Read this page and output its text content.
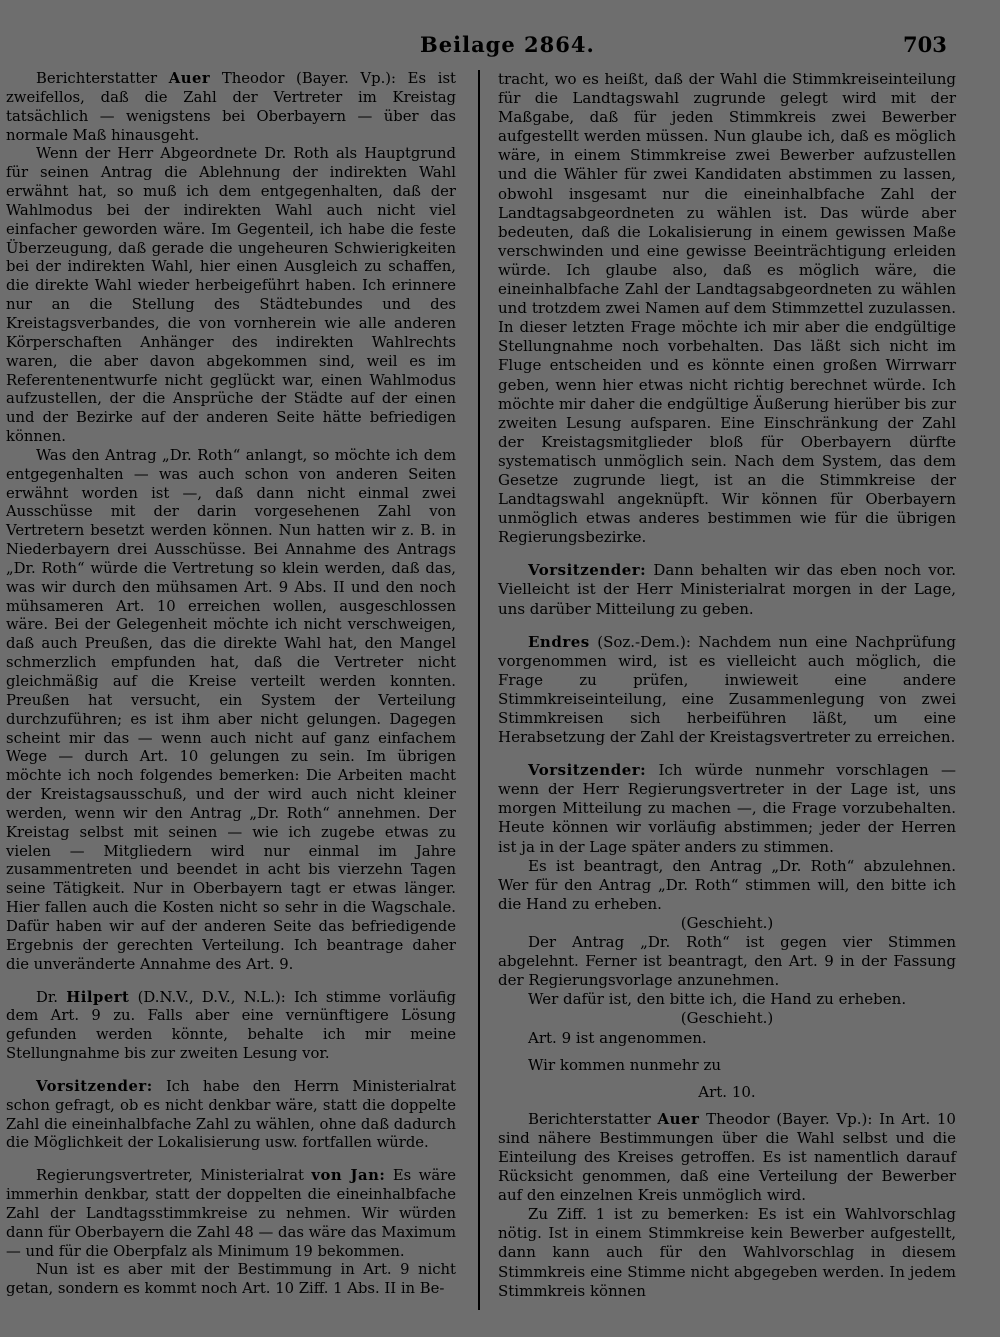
Beilage 2864.	703

Berichterstatter Auer Theodor (Bayer. Vp.): Es ist zweifellos, daß die Zahl der Vertreter im Kreistag tatsächlich — wenigstens bei Oberbayern — über das normale Maß hinausgeht.

Wenn der Herr Abgeordnete Dr. Roth als Hauptgrund für seinen Antrag die Ablehnung der indirekten Wahl erwähnt hat, so muß ich dem entgegenhalten, daß der Wahlmodus bei der indirekten Wahl auch nicht viel einfacher geworden wäre. Im Gegenteil, ich habe die feste Überzeugung, daß gerade die ungeheuren Schwierigkeiten bei der indirekten Wahl, hier einen Ausgleich zu schaffen, die direkte Wahl wieder herbeigeführt haben. Ich erinnere nur an die Stellung des Städtebundes und des Kreistagsverbandes, die von vornherein wie alle anderen Körperschaften Anhänger des indirekten Wahlrechts waren, die aber davon abgekommen sind, weil es im Referentenentwurfe nicht geglückt war, einen Wahlmodus aufzustellen, der die Ansprüche der Städte auf der einen und der Bezirke auf der anderen Seite hätte befriedigen können.

Was den Antrag „Dr. Roth“ anlangt, so möchte ich dem entgegenhalten — was auch schon von anderen Seiten erwähnt worden ist —, daß dann nicht einmal zwei Ausschüsse mit der darin vorgesehenen Zahl von Vertretern besetzt werden können. Nun hatten wir z. B. in Niederbayern drei Ausschüsse. Bei Annahme des Antrags „Dr. Roth“ würde die Vertretung so klein werden, daß das, was wir durch den mühsamen Art. 9 Abs. II und den noch mühsameren Art. 10 erreichen wollen, ausgeschlossen wäre. Bei der Gelegenheit möchte ich nicht verschweigen, daß auch Preußen, das die direkte Wahl hat, den Mangel schmerzlich empfunden hat, daß die Vertreter nicht gleichmäßig auf die Kreise verteilt werden konnten. Preußen hat versucht, ein System der Verteilung durchzuführen; es ist ihm aber nicht gelungen. Dagegen scheint mir das — wenn auch nicht auf ganz einfachem Wege — durch Art. 10 gelungen zu sein. Im übrigen möchte ich noch folgendes bemerken: Die Arbeiten macht der Kreistagsausschuß, und der wird auch nicht kleiner werden, wenn wir den Antrag „Dr. Roth“ annehmen. Der Kreistag selbst mit seinen — wie ich zugebe etwas zu vielen — Mitgliedern wird nur einmal im Jahre zusammentreten und beendet in acht bis vierzehn Tagen seine Tätigkeit. Nur in Oberbayern tagt er etwas länger. Hier fallen auch die Kosten nicht so sehr in die Wagschale. Dafür haben wir auf der anderen Seite das befriedigende Ergebnis der gerechten Verteilung. Ich beantrage daher die unveränderte Annahme des Art. 9.

Dr. Hilpert (D.N.V., D.V., N.L.): Ich stimme vorläufig dem Art. 9 zu. Falls aber eine vernünftigere Lösung gefunden werden könnte, behalte ich mir meine Stellungnahme bis zur zweiten Lesung vor.

Vorsitzender: Ich habe den Herrn Ministerialrat schon gefragt, ob es nicht denkbar wäre, statt die doppelte Zahl die eineinhalbfache Zahl zu wählen, ohne daß dadurch die Möglichkeit der Lokalisierung usw. fortfallen würde.

Regierungsvertreter, Ministerialrat von Jan: Es wäre immerhin denkbar, statt der doppelten die eineinhalbfache Zahl der Landtagsstimmkreise zu nehmen. Wir würden dann für Oberbayern die Zahl 48 — das wäre das Maximum — und für die Oberpfalz als Minimum 19 bekommen.

Nun ist es aber mit der Bestimmung in Art. 9 nicht getan, sondern es kommt noch Art. 10 Ziff. 1 Abs. II in Be-

tracht, wo es heißt, daß der Wahl die Stimmkreiseinteilung für die Landtagswahl zugrunde gelegt wird mit der Maßgabe, daß für jeden Stimmkreis zwei Bewerber aufgestellt werden müssen. Nun glaube ich, daß es möglich wäre, in einem Stimmkreise zwei Bewerber aufzustellen und die Wähler für zwei Kandidaten abstimmen zu lassen, obwohl insgesamt nur die eineinhalbfache Zahl der Landtagsabgeordneten zu wählen ist. Das würde aber bedeuten, daß die Lokalisierung in einem gewissen Maße verschwinden und eine gewisse Beeinträchtigung erleiden würde. Ich glaube also, daß es möglich wäre, die eineinhalbfache Zahl der Landtagsabgeordneten zu wählen und trotzdem zwei Namen auf dem Stimmzettel zuzulassen. In dieser letzten Frage möchte ich mir aber die endgültige Stellungnahme noch vorbehalten. Das läßt sich nicht im Fluge entscheiden und es könnte einen großen Wirrwarr geben, wenn hier etwas nicht richtig berechnet würde. Ich möchte mir daher die endgültige Äußerung hierüber bis zur zweiten Lesung aufsparen. Eine Einschränkung der Zahl der Kreistagsmitglieder bloß für Oberbayern dürfte systematisch unmöglich sein. Nach dem System, das dem Gesetze zugrunde liegt, ist an die Stimmkreise der Landtagswahl angeknüpft. Wir können für Oberbayern unmöglich etwas anderes bestimmen wie für die übrigen Regierungsbezirke.

Vorsitzender: Dann behalten wir das eben noch vor. Vielleicht ist der Herr Ministerialrat morgen in der Lage, uns darüber Mitteilung zu geben.

Endres (Soz.-Dem.): Nachdem nun eine Nachprüfung vorgenommen wird, ist es vielleicht auch möglich, die Frage zu prüfen, inwieweit eine andere Stimmkreiseinteilung, eine Zusammenlegung von zwei Stimmkreisen sich herbeiführen läßt, um eine Herabsetzung der Zahl der Kreistagsvertreter zu erreichen.

Vorsitzender: Ich würde nunmehr vorschlagen — wenn der Herr Regierungsvertreter in der Lage ist, uns morgen Mitteilung zu machen —, die Frage vorzubehalten. Heute können wir vorläufig abstimmen; jeder der Herren ist ja in der Lage später anders zu stimmen.

Es ist beantragt, den Antrag „Dr. Roth“ abzulehnen. Wer für den Antrag „Dr. Roth“ stimmen will, den bitte ich die Hand zu erheben.

(Geschieht.)

Der Antrag „Dr. Roth“ ist gegen vier Stimmen abgelehnt. Ferner ist beantragt, den Art. 9 in der Fassung der Regierungsvorlage anzunehmen.

Wer dafür ist, den bitte ich, die Hand zu erheben.

(Geschieht.)

Art. 9 ist angenommen.

Wir kommen nunmehr zu

Art. 10.

Berichterstatter Auer Theodor (Bayer. Vp.): In Art. 10 sind nähere Bestimmungen über die Wahl selbst und die Einteilung des Kreises getroffen. Es ist namentlich darauf Rücksicht genommen, daß eine Verteilung der Bewerber auf den einzelnen Kreis unmöglich wird.

Zu Ziff. 1 ist zu bemerken: Es ist ein Wahlvorschlag nötig. Ist in einem Stimmkreise kein Bewerber aufgestellt, dann kann auch für den Wahlvorschlag in diesem Stimmkreis eine Stimme nicht abgegeben werden. In jedem Stimmkreis können
